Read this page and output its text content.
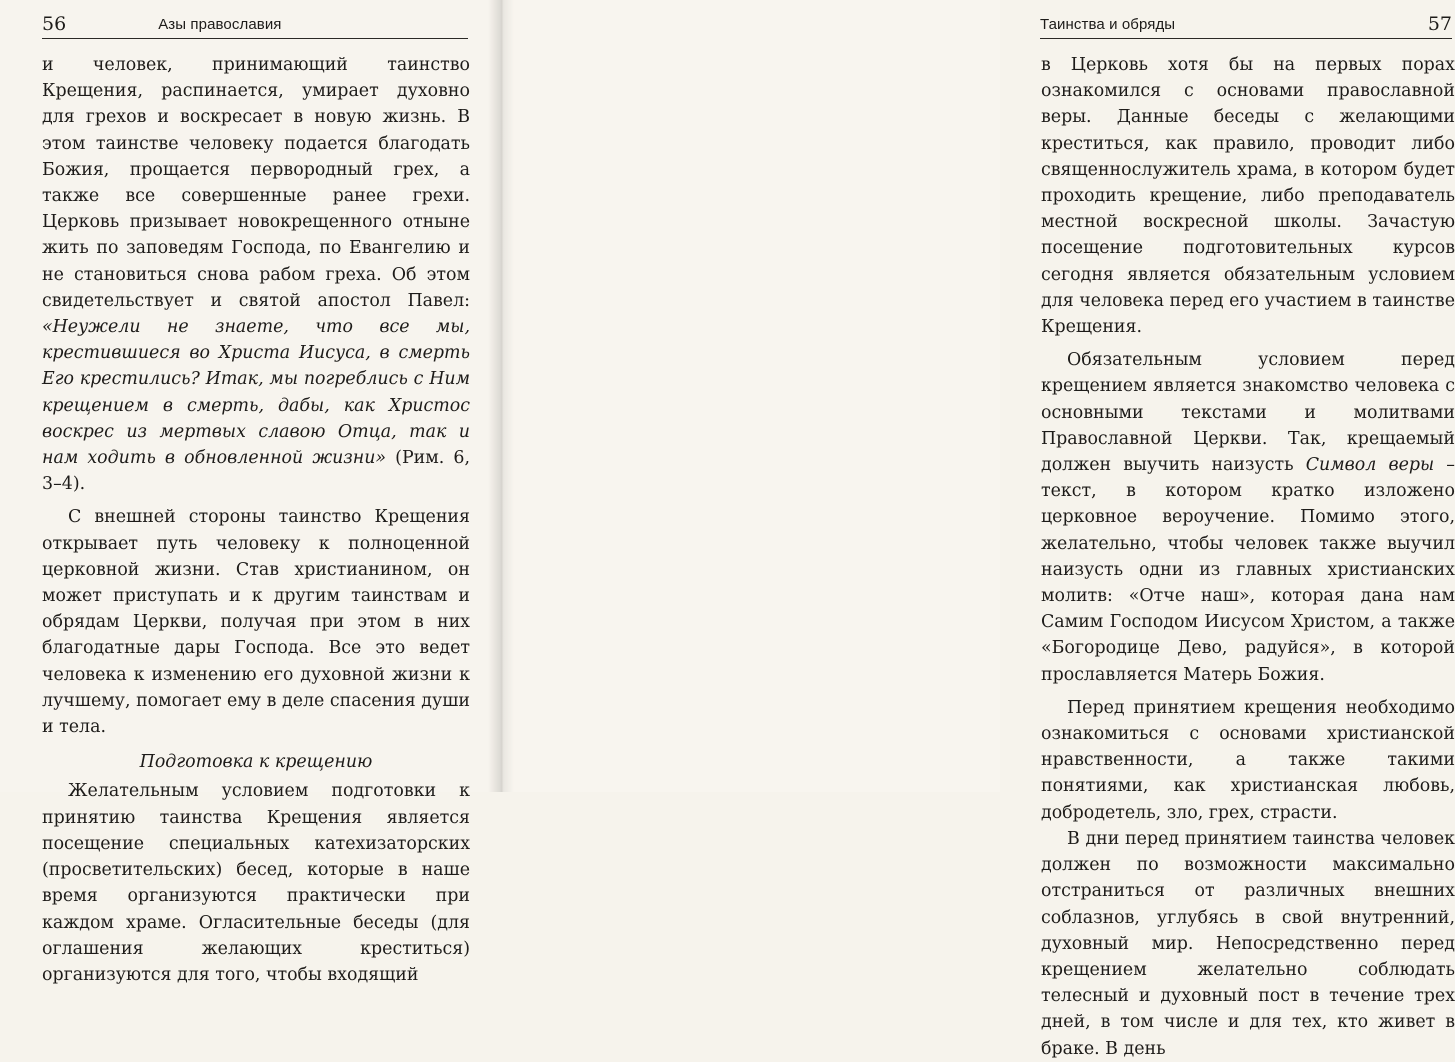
56	Азы православия

и человек, принимающий таинство Крещения, распинается, умирает духовно для грехов и воскресает в новую жизнь. В этом таинстве человеку подается благодать Божия, прощается первородный грех, а также все совершенные ранее грехи. Церковь призывает новокрещенного отныне жить по заповедям Господа, по Евангелию и не становиться снова рабом греха. Об этом свидетельствует и святой апостол Павел: «Неужели не знаете, что все мы, крестившиеся во Христа Иисуса, в смерть Его крестились? Итак, мы погреблись с Ним крещением в смерть, дабы, как Христос воскрес из мертвых славою Отца, так и нам ходить в обновленной жизни» (Рим. 6, 3–4).

С внешней стороны таинство Крещения открывает путь человеку к полноценной церковной жизни. Став христианином, он может приступать и к другим таинствам и обрядам Церкви, получая при этом в них благодатные дары Господа. Все это ведет человека к изменению его духовной жизни к лучшему, помогает ему в деле спасения души и тела.

Подготовка к крещению

Желательным условием подготовки к принятию таинства Крещения является посещение специальных катехизаторских (просветительских) бесед, которые в наше время организуются практически при каждом храме. Огласительные беседы (для оглашения желающих креститься) организуются для того, чтобы входящий

Таинства и обряды	57

в Церковь хотя бы на первых порах ознакомился с основами православной веры. Данные беседы с желающими креститься, как правило, проводит либо священнослужитель храма, в котором будет проходить крещение, либо преподаватель местной воскресной школы. Зачастую посещение подготовительных курсов сегодня является обязательным условием для человека перед его участием в таинстве Крещения.

Обязательным условием перед крещением является знакомство человека с основными текстами и молитвами Православной Церкви. Так, крещаемый должен выучить наизусть Символ веры – текст, в котором кратко изложено церковное вероучение. Помимо этого, желательно, чтобы человек также выучил наизусть одни из главных христианских молитв: «Отче наш», которая дана нам Самим Господом Иисусом Христом, а также «Богородице Дево, радуйся», в которой прославляется Матерь Божия.

Перед принятием крещения необходимо ознакомиться с основами христианской нравственности, а также такими понятиями, как христианская любовь, добродетель, зло, грех, страсти.

В дни перед принятием таинства человек должен по возможности максимально отстраниться от различных внешних соблазнов, углубясь в свой внутренний, духовный мир. Непосредственно перед крещением желательно соблюдать телесный и духовный пост в течение трех дней, в том числе и для тех, кто живет в браке. В день
